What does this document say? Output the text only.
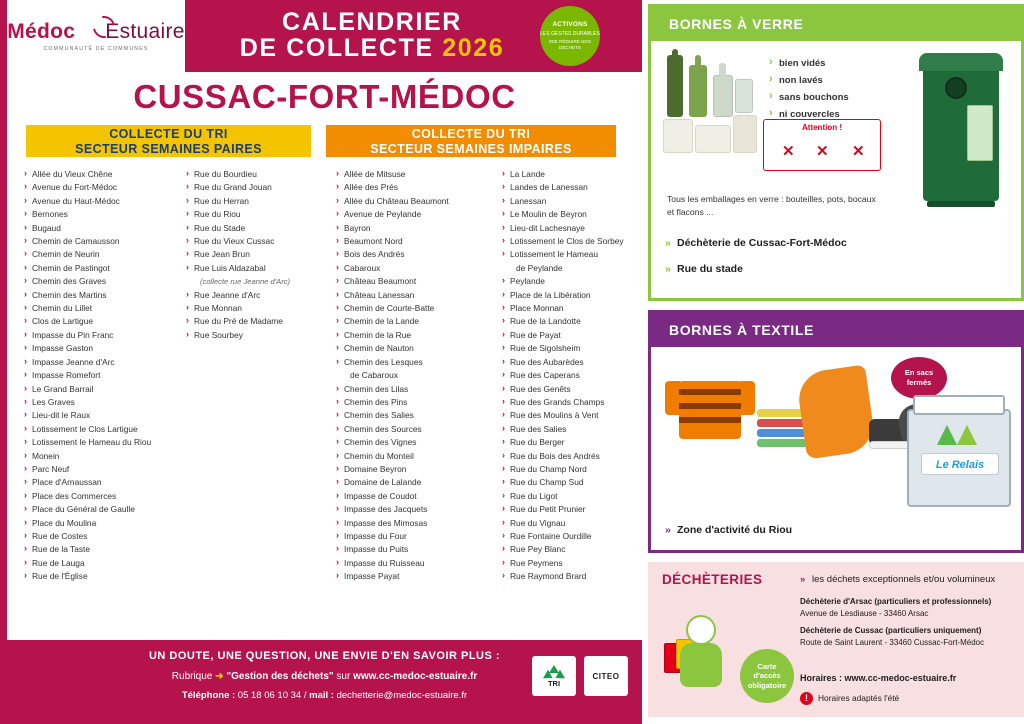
Médoc Estuaire
COMMUNAUTÉ DE COMMUNES
CALENDRIER
DE COLLECTE 2026
ACTIVONS
LES GESTES DURABLES
#DE RÉDUIRE NOS DÉCHETS
CUSSAC-FORT-MÉDOC
COLLECTE DU TRI
SECTEUR SEMAINES PAIRES
COLLECTE DU TRI
SECTEUR SEMAINES IMPAIRES
› Allée du Vieux Chêne
› Avenue du Fort-Médoc
› Avenue du Haut-Médoc
› Bernones
› Bugaud
› Chemin de Camausson
› Chemin de Neurin
› Chemin de Pastingot
› Chemin des Graves
› Chemin des Martins
› Chemin du Lillet
› Clos de Lartigue
› Impasse du Pin Franc
› Impasse Gaston
› Impasse Jeanne d'Arc
› Impasse Romefort
› Le Grand Barrail
› Les Graves
› Lieu-dit le Raux
› Lotissement le Clos Lartigue
› Lotissement le Hameau du Riou
› Monein
› Parc Neuf
› Place d'Arnaussan
› Place des Commerces
› Place du Général de Gaulle
› Place du Moulina
› Rue de Costes
› Rue de la Taste
› Rue de Lauga
› Rue de l'Église
› Rue du Bourdieu
› Rue du Grand Jouan
› Rue du Herran
› Rue du Riou
› Rue du Stade
› Rue du Vieux Cussac
› Rue Jean Brun
› Rue Luis Aldazabal
(collecte rue Jeanne d'Arc)
› Rue Jeanne d'Arc
› Rue Monnan
› Rue du Pré de Madame
› Rue Sourbey
› Allée de Mitsuse
› Allée des Prés
› Allée du Château Beaumont
› Avenue de Peylande
› Bayron
› Beaumont Nord
› Bois des Andrés
› Cabaroux
› Château Beaumont
› Château Lanessan
› Chemin de Courte-Batte
› Chemin de la Lande
› Chemin de la Rue
› Chemin de Nauton
› Chemin des Lesques
de Cabaroux
› Chemin des Lilas
› Chemin des Pins
› Chemin des Salies
› Chemin des Sources
› Chemin des Vignes
› Chemin du Monteil
› Domaine Beyron
› Domaine de Lalande
› Impasse de Coudot
› Impasse des Jacquets
› Impasse des Mimosas
› Impasse du Four
› Impasse du Puits
› Impasse du Ruisseau
› Impasse Payat
› La Lande
› Landes de Lanessan
› Lanessan
› Le Moulin de Beyron
› Lieu-dit Lachesnaye
› Lotissement le Clos de Sorbey
› Lotissement le Hameau
de Peylande
› Peylande
› Place de la Libération
› Place Monnan
› Rue de la Landotte
› Rue de Payat
› Rue de Sigolsheim
› Rue des Aubarèdes
› Rue des Caperans
› Rue des Genêts
› Rue des Grands Champs
› Rue des Moulins à Vent
› Rue des Salies
› Rue du Berger
› Rue du Bois des Andrés
› Rue du Champ Nord
› Rue du Champ Sud
› Rue du Ligot
› Rue du Petit Prunier
› Rue du Vignau
› Rue Fontaine Ourdille
› Rue Pey Blanc
› Rue Peymens
› Rue Raymond Brard
UN DOUTE, UNE QUESTION, UNE ENVIE D'EN SAVOIR PLUS :
Rubrique ➜ "Gestion des déchets" sur www.cc-medoc-estuaire.fr
Téléphone : 05 18 06 10 34 / mail : dechetterie@medoc-estuaire.fr
TRI
CITEO
BORNES À VERRE
› bien vidés
› non lavés
› sans bouchons
› ni couvercles
Attention !
✕ ✕ ✕
Tous les emballages en verre : bouteilles, pots, bocaux et flacons ...
» Déchèterie de Cussac-Fort-Médoc
» Rue du stade
BORNES À TEXTILE
En sacs
fermés
Le Relais
» Zone d'activité du Riou
DÉCHÈTERIES	» les déchets exceptionnels et/ou volumineux
Déchèterie d'Arsac (particuliers et professionnels)
Avenue de Lesdiause - 33460 Arsac
Déchèterie de Cussac (particuliers uniquement)
Route de Saint Laurent - 33460 Cussac-Fort-Médoc
Horaires : www.cc-medoc-estuaire.fr
!	Horaires adaptés l'été
Carte
d'accès
obligatoire
